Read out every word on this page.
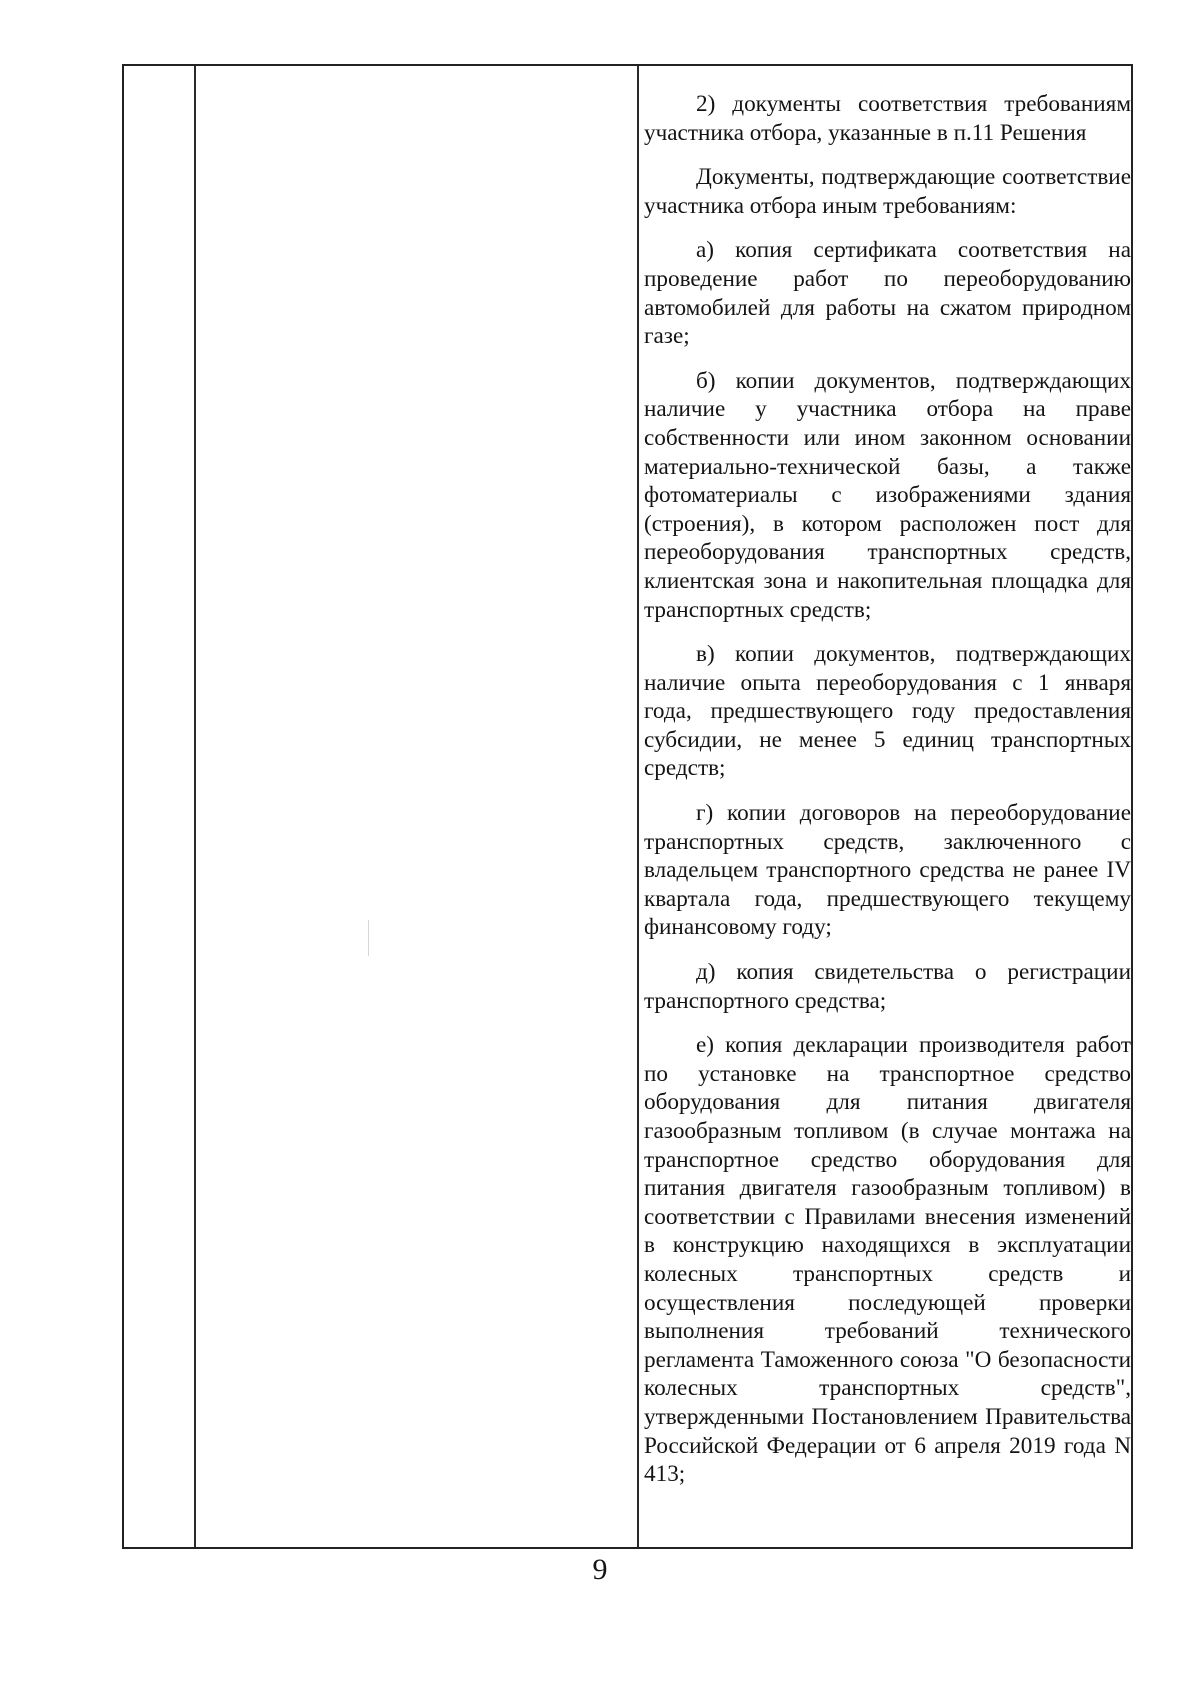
2) документы соответствия требованиям участника отбора, указанные в п.11 Решения

Документы, подтверждающие соответствие участника отбора иным требованиям:

а) копия сертификата соответствия на проведение работ по переоборудованию автомобилей для работы на сжатом природном газе;

б) копии документов, подтверждающих наличие у участника отбора на праве собственности или ином законном основании материально-технической базы, а также фотоматериалы с изображениями здания (строения), в котором расположен пост для переоборудования транспортных средств, клиентская зона и накопительная площадка для транспортных средств;

в) копии документов, подтверждающих наличие опыта переоборудования с 1 января года, предшествующего году предоставления субсидии, не менее 5 единиц транспортных средств;

г) копии договоров на переоборудование транспортных средств, заключенного с владельцем транспортного средства не ранее IV квартала года, предшествующего текущему финансовому году;

д) копия свидетельства о регистрации транспортного средства;

е) копия декларации производителя работ по установке на транспортное средство оборудования для питания двигателя газообразным топливом (в случае монтажа на транспортное средство оборудования для питания двигателя газообразным топливом) в соответствии с Правилами внесения изменений в конструкцию находящихся в эксплуатации колесных транспортных средств и осуществления последующей проверки выполнения требований технического регламента Таможенного союза "О безопасности колесных транспортных средств", утвержденными Постановлением Правительства Российской Федерации от 6 апреля 2019 года N 413;

9
